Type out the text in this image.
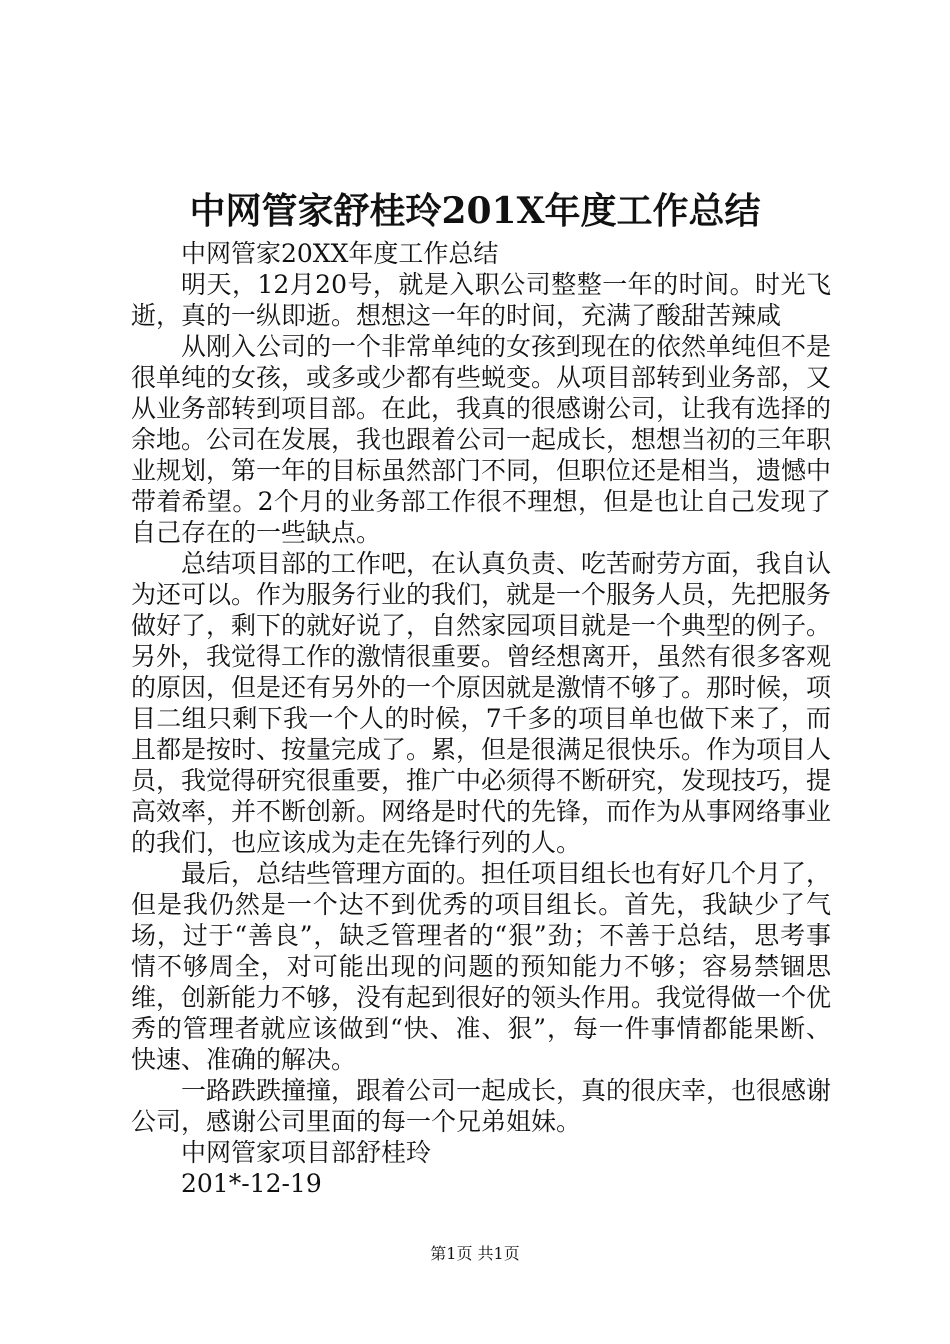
中网管家舒桂玲201X年度工作总结

中网管家20XX年度工作总结

明天，12月20号，就是入职公司整整一年的时间。时光飞逝，真的一纵即逝。想想这一年的时间，充满了酸甜苦辣咸

从刚入公司的一个非常单纯的女孩到现在的依然单纯但不是很单纯的女孩，或多或少都有些蜕变。从项目部转到业务部，又从业务部转到项目部。在此，我真的很感谢公司，让我有选择的余地。公司在发展，我也跟着公司一起成长，想想当初的三年职业规划，第一年的目标虽然部门不同，但职位还是相当，遗憾中带着希望。2个月的业务部工作很不理想，但是也让自己发现了自己存在的一些缺点。

总结项目部的工作吧，在认真负责、吃苦耐劳方面，我自认为还可以。作为服务行业的我们，就是一个服务人员，先把服务做好了，剩下的就好说了，自然家园项目就是一个典型的例子。另外，我觉得工作的激情很重要。曾经想离开，虽然有很多客观的原因，但是还有另外的一个原因就是激情不够了。那时候，项目二组只剩下我一个人的时候，7千多的项目单也做下来了，而且都是按时、按量完成了。累，但是很满足很快乐。作为项目人员，我觉得研究很重要，推广中必须得不断研究，发现技巧，提高效率，并不断创新。网络是时代的先锋，而作为从事网络事业的我们，也应该成为走在先锋行列的人。

最后，总结些管理方面的。担任项目组长也有好几个月了，但是我仍然是一个达不到优秀的项目组长。首先，我缺少了气场，过于“善良”，缺乏管理者的“狠”劲；不善于总结，思考事情不够周全，对可能出现的问题的预知能力不够；容易禁锢思维，创新能力不够，没有起到很好的领头作用。我觉得做一个优秀的管理者就应该做到“快、准、狠”，每一件事情都能果断、快速、准确的解决。

一路跌跌撞撞，跟着公司一起成长，真的很庆幸，也很感谢公司，感谢公司里面的每一个兄弟姐妹。

中网管家项目部舒桂玲

201*-12-19

第1页 共1页
